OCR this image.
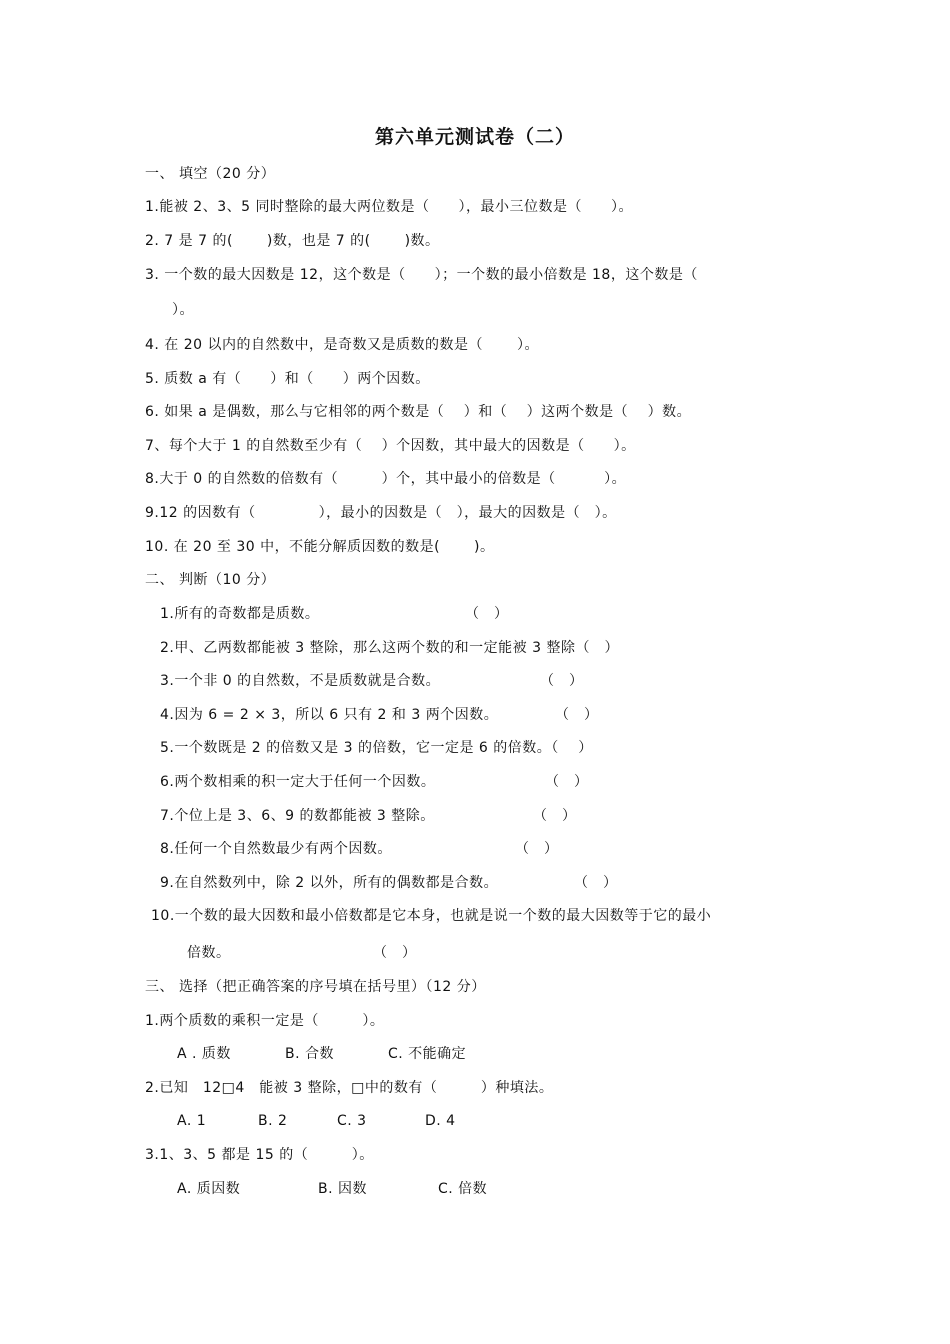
第六单元测试卷（二）
一、 填空（20 分）
1.能被 2、3、5 同时整除的最大两位数是（　　），最小三位数是（　　）。
2. 7 是 7 的(　　 )数，也是 7 的(　　 )数。
3. 一个数的最大因数是 12，这个数是（　　）；一个数的最小倍数是 18，这个数是（
）。
4. 在 20 以内的自然数中，是奇数又是质数的数是（　　 ）。
5. 质数 a 有（　　）和（　　）两个因数。
6. 如果 a 是偶数，那么与它相邻的两个数是（　 ）和（　 ）这两个数是（　 ）数。
7、每个大于 1 的自然数至少有（　 ）个因数，其中最大的因数是（　　）。
8.大于 0 的自然数的倍数有（　　　）个，其中最小的倍数是（　　　 ）。
9.12 的因数有（　　　　 ），最小的因数是（　），最大的因数是（　）。
10. 在 20 至 30 中，不能分解质因数的数是(　　 )。
二、 判断（10 分）
1.所有的奇数都是质数。	（　）
2.甲、乙两数都能被 3 整除，那么这两个数的和一定能被 3 整除（　）
3.一个非 0 的自然数，不是质数就是合数。	（　）
4.因为 6 = 2 × 3，所以 6 只有 2 和 3 两个因数。	（　）
5.一个数既是 2 的倍数又是 3 的倍数，它一定是 6 的倍数。（　 ）
6.两个数相乘的积一定大于任何一个因数。	（　）
7.个位上是 3、6、9 的数都能被 3 整除。	（　）
8.任何一个自然数最少有两个因数。	（　）
9.在自然数列中，除 2 以外，所有的偶数都是合数。	（　）
10.一个数的最大因数和最小倍数都是它本身，也就是说一个数的最大因数等于它的最小
倍数。	（　）
三、 选择（把正确答案的序号填在括号里）（12 分）
1.两个质数的乘积一定是（　　　）。
A . 质数	B. 合数	C. 不能确定
2.已知　12□4　能被 3 整除，□中的数有（　　　）种填法。
A. 1	B. 2	C. 3	D. 4
3.1、3、5 都是 15 的（　　　）。
A. 质因数	B. 因数	C. 倍数
